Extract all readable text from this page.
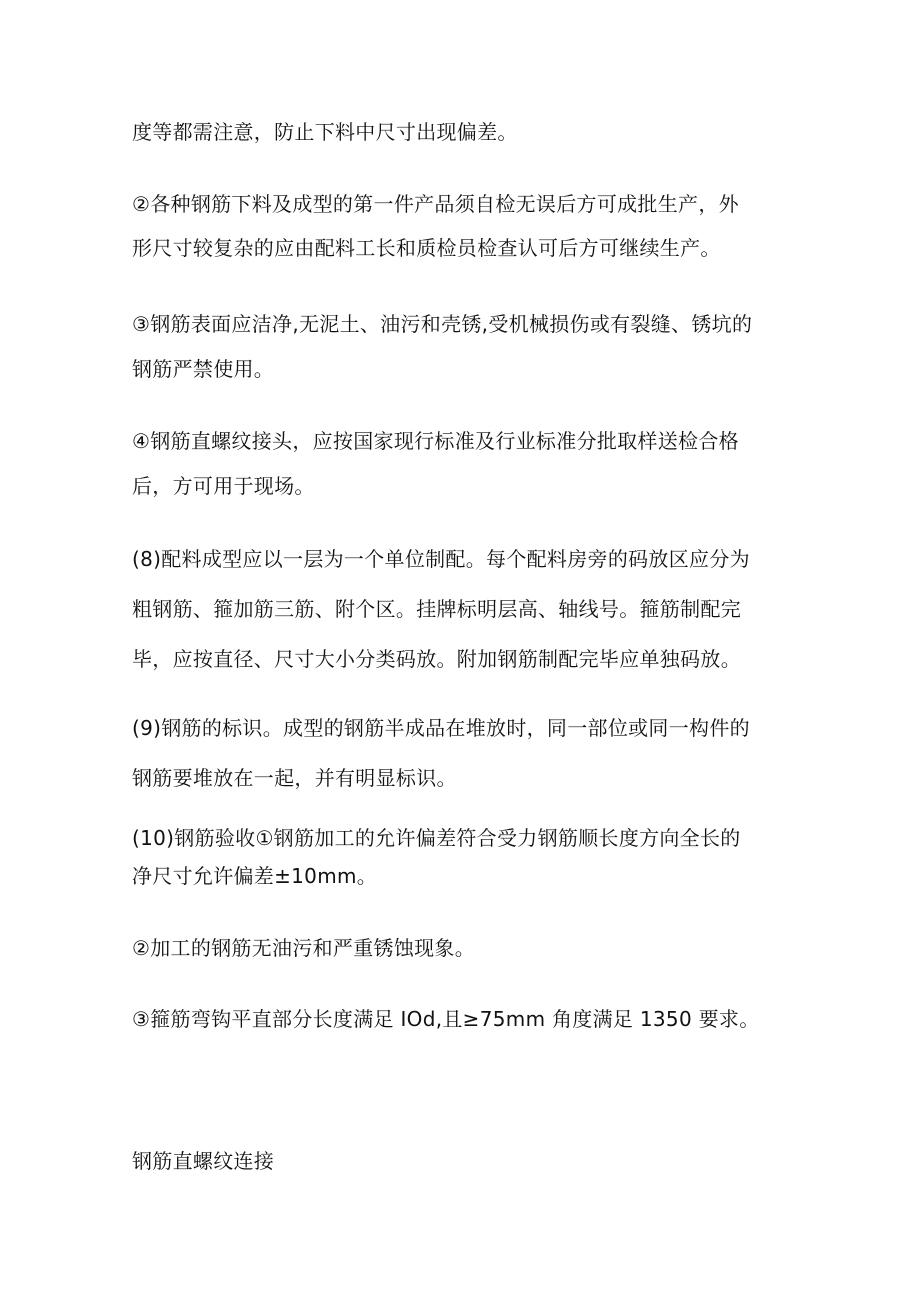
度等都需注意，防止下料中尺寸出现偏差。
②各种钢筋下料及成型的第一件产品须自检无误后方可成批生产，外
形尺寸较复杂的应由配料工长和质检员检查认可后方可继续生产。
③钢筋表面应洁净,无泥土、油污和壳锈,受机械损伤或有裂缝、锈坑的
钢筋严禁使用。
④钢筋直螺纹接头，应按国家现行标准及行业标准分批取样送检合格
后，方可用于现场。
(8)配料成型应以一层为一个单位制配。每个配料房旁的码放区应分为
粗钢筋、箍加筋三筋、附个区。挂牌标明层高、轴线号。箍筋制配完
毕，应按直径、尺寸大小分类码放。附加钢筋制配完毕应单独码放。
(9)钢筋的标识。成型的钢筋半成品在堆放时，同一部位或同一构件的
钢筋要堆放在一起，并有明显标识。
(10)钢筋验收①钢筋加工的允许偏差符合受力钢筋顺长度方向全长的
净尺寸允许偏差±10mm。
②加工的钢筋无油污和严重锈蚀现象。
③箍筋弯钩平直部分长度满足 IOd,且≥75mm 角度满足 1350 要求。
钢筋直螺纹连接
